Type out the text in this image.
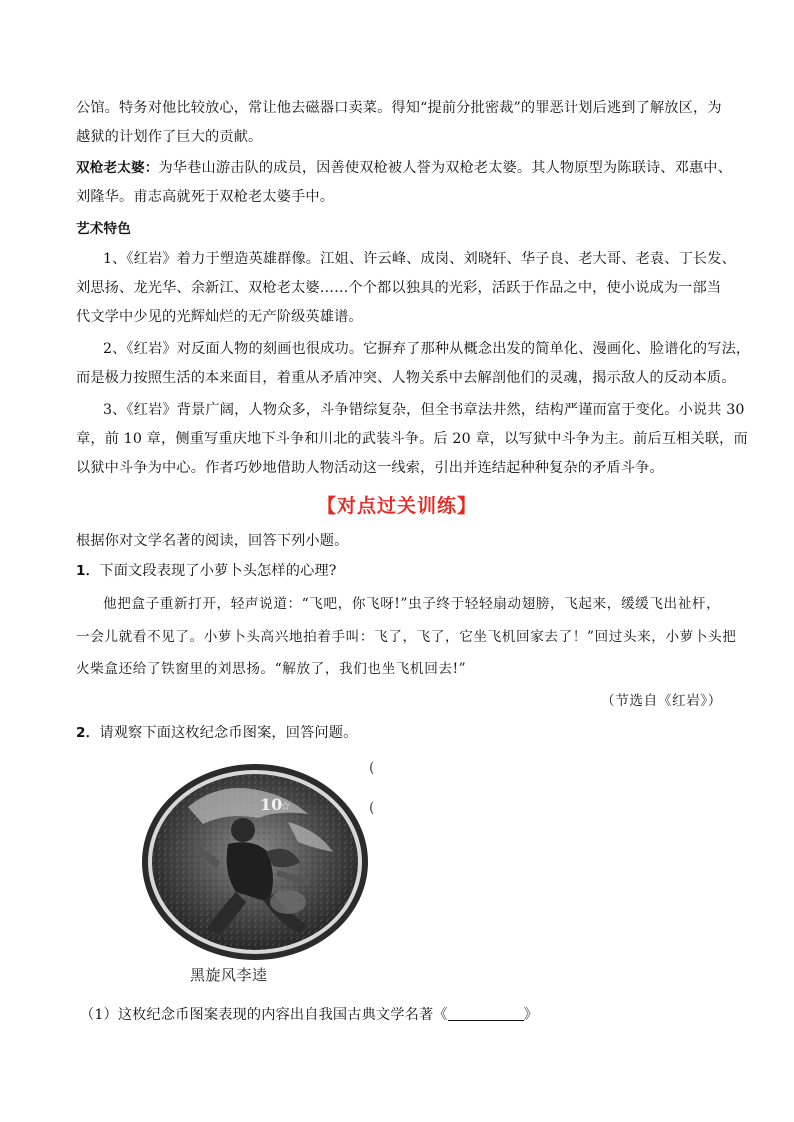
公馆。特务对他比较放心，常让他去磁器口卖菜。得知“提前分批密裁”的罪恶计划后逃到了解放区，为
越狱的计划作了巨大的贡献。
双枪老太婆：为华巷山游击队的成员，因善使双枪被人誉为双枪老太婆。其人物原型为陈联诗、邓惠中、
刘隆华。甫志高就死于双枪老太婆手中。
艺术特色
1、《红岩》着力于塑造英雄群像。江姐、许云峰、成岗、刘晓轩、华子良、老大哥、老袁、丁长发、
刘思扬、龙光华、余新江、双枪老太婆……个个都以独具的光彩，活跃于作品之中，使小说成为一部当
代文学中少见的光辉灿烂的无产阶级英雄谱。
2、《红岩》对反面人物的刻画也很成功。它摒弃了那种从概念出发的简单化、漫画化、脸谱化的写法，
而是极力按照生活的本来面目，着重从矛盾冲突、人物关系中去解剖他们的灵魂，揭示敌人的反动本质。
3、《红岩》背景广阔，人物众多，斗争错综复杂，但全书章法井然，结构严谨而富于变化。小说共 30
章，前 10 章，侧重写重庆地下斗争和川北的武装斗争。后 20 章，以写狱中斗争为主。前后互相关联，而
以狱中斗争为中心。作者巧妙地借助人物活动这一线索，引出并连结起种种复杂的矛盾斗争。
【对点过关训练】
根据你对文学名著的阅读，回答下列小题。
1．下面文段表现了小萝卜头怎样的心理?
他把盒子重新打开，轻声说道：“飞吧，你飞呀!”虫子终于轻轻扇动翅膀，飞起来，缓缓飞出祉杆，
一会儿就看不见了。小萝卜头高兴地拍着手叫：飞了，飞了，它坐飞机回家去了！”回过头来，小萝卜头把
火柴盒还给了铁窗里的刘思扬。“解放了，我们也坐飞机回去!”
（节选自《红岩》）
2．请观察下面这枚纪念币图案，回答问题。
10
☆
黑旋风李逵
(
(
（1）这枚纪念币图案表现的内容出自我国古典文学名著《	》
